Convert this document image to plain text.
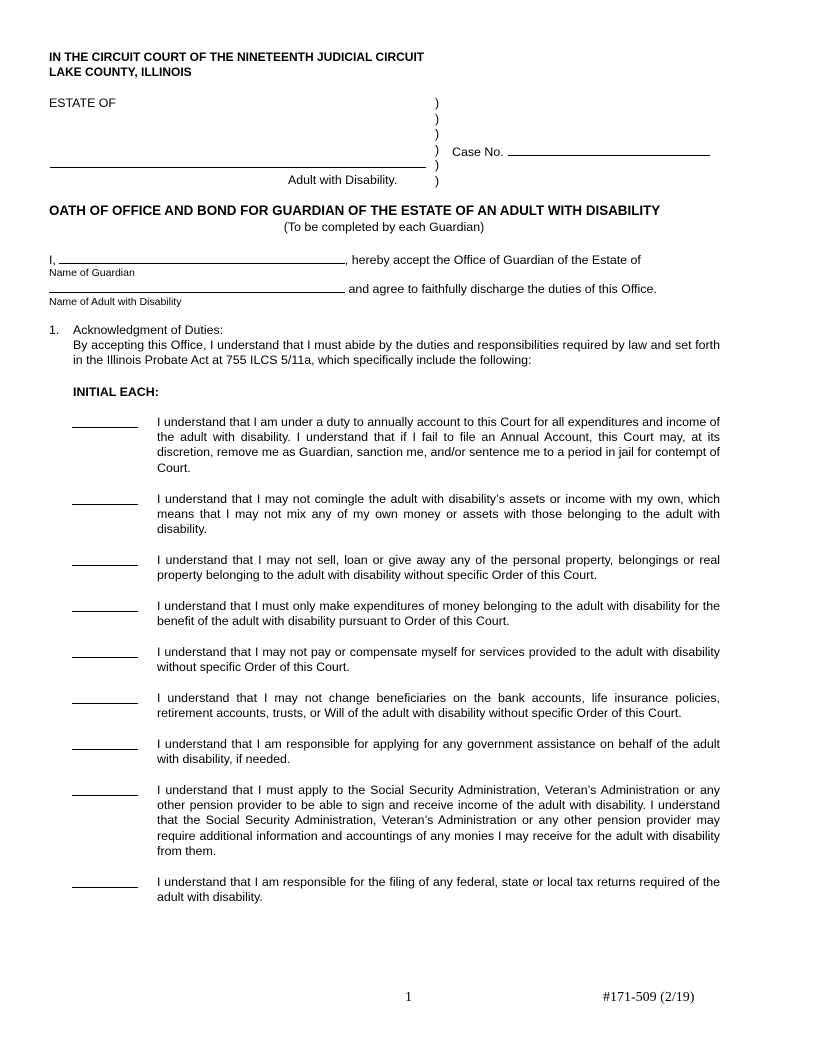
IN THE CIRCUIT COURT OF THE NINETEENTH JUDICIAL CIRCUIT
LAKE COUNTY, ILLINOIS
ESTATE OF
Adult with Disability.
)
)
)
)
)
)
Case No.
OATH OF OFFICE AND BOND FOR GUARDIAN OF THE ESTATE OF AN ADULT WITH DISABILITY
(To be completed by each Guardian)
I,	, hereby accept the Office of Guardian of the Estate of
Name of Guardian
and agree to faithfully discharge the duties of this Office.
Name of Adult with Disability
1. Acknowledgment of Duties:
By accepting this Office, I understand that I must abide by the duties and responsibilities required by law and set forth in the Illinois Probate Act at 755 ILCS 5/11a, which specifically include the following:
INITIAL EACH:
I understand that I am under a duty to annually account to this Court for all expenditures and income of the adult with disability. I understand that if I fail to file an Annual Account, this Court may, at its discretion, remove me as Guardian, sanction me, and/or sentence me to a period in jail for contempt of Court.
I understand that I may not comingle the adult with disability’s assets or income with my own, which means that I may not mix any of my own money or assets with those belonging to the adult with disability.
I understand that I may not sell, loan or give away any of the personal property, belongings or real property belonging to the adult with disability without specific Order of this Court.
I understand that I must only make expenditures of money belonging to the adult with disability for the benefit of the adult with disability pursuant to Order of this Court.
I understand that I may not pay or compensate myself for services provided to the adult with disability without specific Order of this Court.
I understand that I may not change beneficiaries on the bank accounts, life insurance policies, retirement accounts, trusts, or Will of the adult with disability without specific Order of this Court.
I understand that I am responsible for applying for any government assistance on behalf of the adult with disability, if needed.
I understand that I must apply to the Social Security Administration, Veteran’s Administration or any other pension provider to be able to sign and receive income of the adult with disability. I understand that the Social Security Administration, Veteran’s Administration or any other pension provider may require additional information and accountings of any monies I may receive for the adult with disability from them.
I understand that I am responsible for the filing of any federal, state or local tax returns required of the adult with disability.
1	#171-509 (2/19)
